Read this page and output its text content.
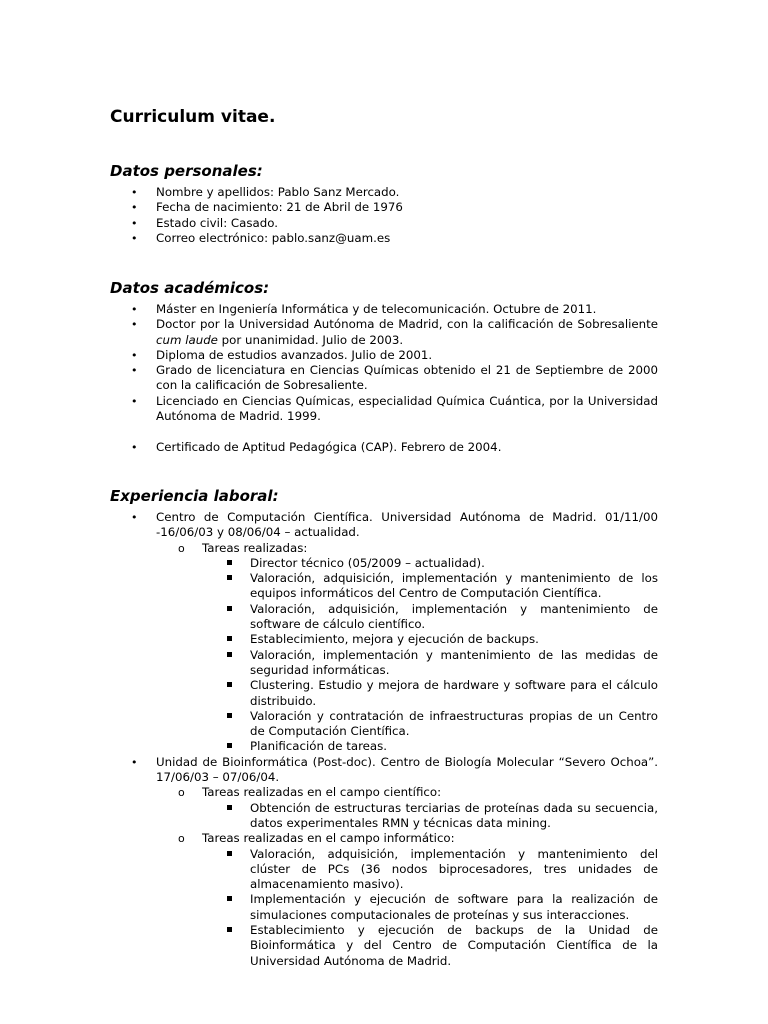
Curriculum vitae.
Datos personales:
• Nombre y apellidos: Pablo Sanz Mercado.
• Fecha de nacimiento: 21 de Abril de 1976
• Estado civil: Casado.
• Correo electrónico: pablo.sanz@uam.es
Datos académicos:
• Máster en Ingeniería Informática y de telecomunicación. Octubre de 2011.
• Doctor por la Universidad Autónoma de Madrid, con la calificación de Sobresaliente cum laude por unanimidad. Julio de 2003.
• Diploma de estudios avanzados. Julio de 2001.
• Grado de licenciatura en Ciencias Químicas obtenido el 21 de Septiembre de 2000 con la calificación de Sobresaliente.
• Licenciado en Ciencias Químicas, especialidad Química Cuántica, por la Universidad Autónoma de Madrid. 1999.
• Certificado de Aptitud Pedagógica (CAP). Febrero de 2004.
Experiencia laboral:
• Centro de Computación Científica. Universidad Autónoma de Madrid. 01/11/00 -16/06/03 y 08/06/04 – actualidad.
o Tareas realizadas:
Director técnico (05/2009 – actualidad).
Valoración, adquisición, implementación y mantenimiento de los equipos informáticos del Centro de Computación Científica.
Valoración, adquisición, implementación y mantenimiento de software de cálculo científico.
Establecimiento, mejora y ejecución de backups.
Valoración, implementación y mantenimiento de las medidas de seguridad informáticas.
Clustering. Estudio y mejora de hardware y software para el cálculo distribuido.
Valoración y contratación de infraestructuras propias de un Centro de Computación Científica.
Planificación de tareas.
• Unidad de Bioinformática (Post-doc). Centro de Biología Molecular “Severo Ochoa”. 17/06/03 – 07/06/04.
o Tareas realizadas en el campo científico:
Obtención de estructuras terciarias de proteínas dada su secuencia, datos experimentales RMN y técnicas data mining.
o Tareas realizadas en el campo informático:
Valoración, adquisición, implementación y mantenimiento del clúster de PCs (36 nodos biprocesadores, tres unidades de almacenamiento masivo).
Implementación y ejecución de software para la realización de simulaciones computacionales de proteínas y sus interacciones.
Establecimiento y ejecución de backups de la Unidad de Bioinformática y del Centro de Computación Científica de la Universidad Autónoma de Madrid.
